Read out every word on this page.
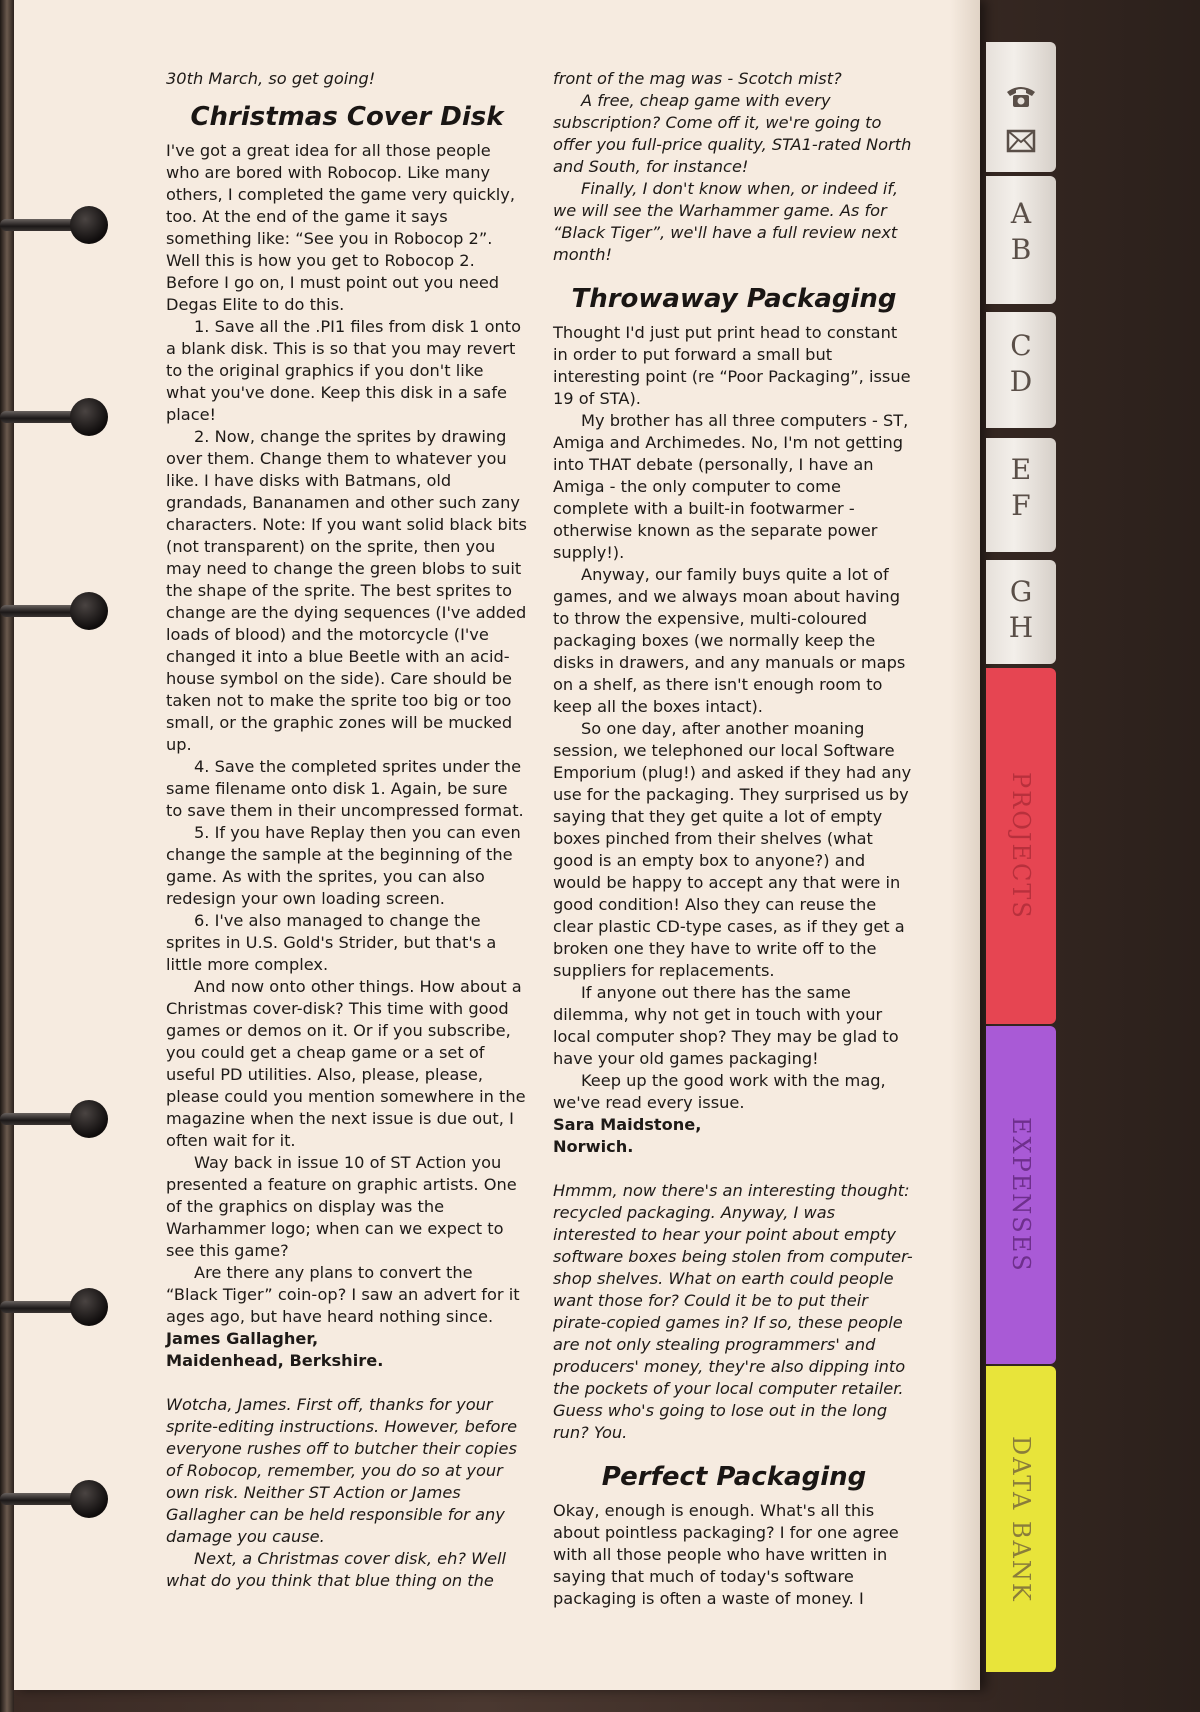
30th March, so get going!

Christmas Cover Disk

I've got a great idea for all those people who are bored with Robocop. Like many others, I completed the game very quickly, too. At the end of the game it says something like: “See you in Robocop 2”. Well this is how you get to Robocop 2. Before I go on, I must point out you need Degas Elite to do this.

1. Save all the .PI1 files from disk 1 onto a blank disk. This is so that you may revert to the original graphics if you don't like what you've done. Keep this disk in a safe place!

2. Now, change the sprites by drawing over them. Change them to whatever you like. I have disks with Batmans, old grandads, Bananamen and other such zany characters. Note: If you want solid black bits (not transparent) on the sprite, then you may need to change the green blobs to suit the shape of the sprite. The best sprites to change are the dying sequences (I've added loads of blood) and the motorcycle (I've changed it into a blue Beetle with an acid-house symbol on the side). Care should be taken not to make the sprite too big or too small, or the graphic zones will be mucked up.

4. Save the completed sprites under the same filename onto disk 1. Again, be sure to save them in their uncompressed format.

5. If you have Replay then you can even change the sample at the beginning of the game. As with the sprites, you can also redesign your own loading screen.

6. I've also managed to change the sprites in U.S. Gold's Strider, but that's a little more complex.

And now onto other things. How about a Christmas cover-disk? This time with good games or demos on it. Or if you subscribe, you could get a cheap game or a set of useful PD utilities. Also, please, please, please could you mention somewhere in the magazine when the next issue is due out, I often wait for it.

Way back in issue 10 of ST Action you presented a feature on graphic artists. One of the graphics on display was the Warhammer logo; when can we expect to see this game?

Are there any plans to convert the “Black Tiger” coin-op? I saw an advert for it ages ago, but have heard nothing since.

James Gallagher,

Maidenhead, Berkshire.

Wotcha, James. First off, thanks for your sprite-editing instructions. However, before everyone rushes off to butcher their copies of Robocop, remember, you do so at your own risk. Neither ST Action or James Gallagher can be held responsible for any damage you cause.

Next, a Christmas cover disk, eh? Well what do you think that blue thing on the

front of the mag was - Scotch mist?

A free, cheap game with every subscription? Come off it, we're going to offer you full-price quality, STA1-rated North and South, for instance!

Finally, I don't know when, or indeed if, we will see the Warhammer game. As for “Black Tiger”, we'll have a full review next month!

Throwaway Packaging

Thought I'd just put print head to constant in order to put forward a small but interesting point (re “Poor Packaging”, issue 19 of STA).

My brother has all three computers - ST, Amiga and Archimedes. No, I'm not getting into THAT debate (personally, I have an Amiga - the only computer to come complete with a built-in footwarmer - otherwise known as the separate power supply!).

Anyway, our family buys quite a lot of games, and we always moan about having to throw the expensive, multi-coloured packaging boxes (we normally keep the disks in drawers, and any manuals or maps on a shelf, as there isn't enough room to keep all the boxes intact).

So one day, after another moaning session, we telephoned our local Software Emporium (plug!) and asked if they had any use for the packaging. They surprised us by saying that they get quite a lot of empty boxes pinched from their shelves (what good is an empty box to anyone?) and would be happy to accept any that were in good condition! Also they can reuse the clear plastic CD-type cases, as if they get a broken one they have to write off to the suppliers for replacements.

If anyone out there has the same dilemma, why not get in touch with your local computer shop? They may be glad to have your old games packaging!

Keep up the good work with the mag, we've read every issue.

Sara Maidstone,

Norwich.

Hmmm, now there's an interesting thought: recycled packaging. Anyway, I was interested to hear your point about empty software boxes being stolen from computer-shop shelves. What on earth could people want those for? Could it be to put their pirate-copied games in? If so, these people are not only stealing programmers' and producers' money, they're also dipping into the pockets of your local computer retailer. Guess who's going to lose out in the long run? You.

Perfect Packaging

Okay, enough is enough. What's all this about pointless packaging? I for one agree with all those people who have written in saying that much of today's software packaging is often a waste of money. I

A
B
C
D
E
F
G
H
PROJECTS
EXPENSES
DATA BANK
